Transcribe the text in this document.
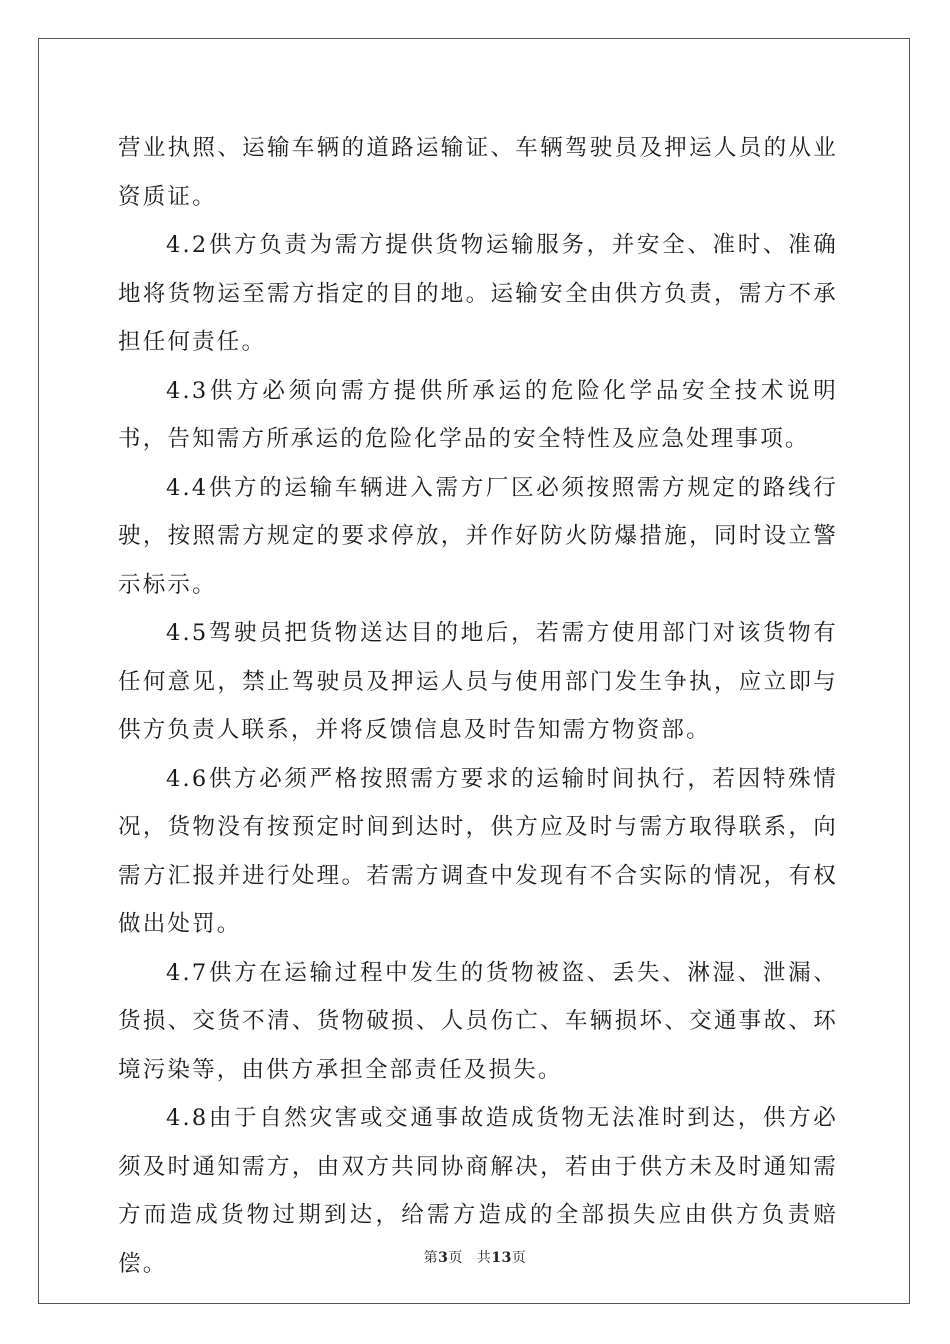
营业执照、运输车辆的道路运输证、车辆驾驶员及押运人员的从业资质证。

4.2供方负责为需方提供货物运输服务，并安全、准时、准确地将货物运至需方指定的目的地。运输安全由供方负责，需方不承担任何责任。

4.3供方必须向需方提供所承运的危险化学品安全技术说明书，告知需方所承运的危险化学品的安全特性及应急处理事项。

4.4供方的运输车辆进入需方厂区必须按照需方规定的路线行驶，按照需方规定的要求停放，并作好防火防爆措施，同时设立警示标示。

4.5驾驶员把货物送达目的地后，若需方使用部门对该货物有任何意见，禁止驾驶员及押运人员与使用部门发生争执，应立即与供方负责人联系，并将反馈信息及时告知需方物资部。

4.6供方必须严格按照需方要求的运输时间执行，若因特殊情况，货物没有按预定时间到达时，供方应及时与需方取得联系，向需方汇报并进行处理。若需方调查中发现有不合实际的情况，有权做出处罚。

4.7供方在运输过程中发生的货物被盗、丢失、淋湿、泄漏、货损、交货不清、货物破损、人员伤亡、车辆损坏、交通事故、环境污染等，由供方承担全部责任及损失。

4.8由于自然灾害或交通事故造成货物无法准时到达，供方必须及时通知需方，由双方共同协商解决，若由于供方未及时通知需方而造成货物过期到达，给需方造成的全部损失应由供方负责赔偿。	第3页 共13页
